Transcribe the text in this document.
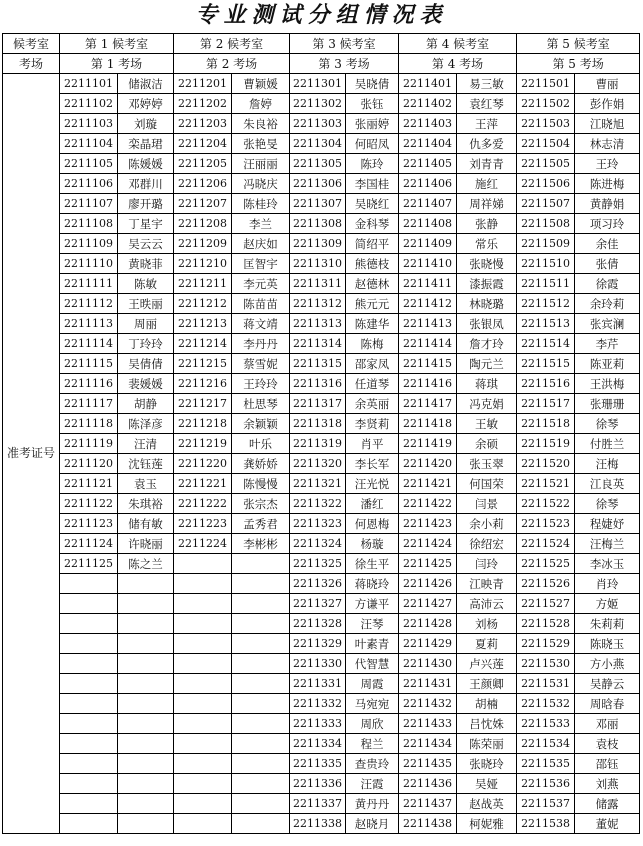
专业测试分组情况表
候考室	第 1 候考室		第 2 候考室		第 3 候考室		第 4 候考室		第 5 候考室	
考场	第 1 考场		第 2 考场		第 3 考场		第 4 考场		第 5 考场	
准考证号	2211101	储淑洁	2211201	曹颖媛	2211301	吴晓倩	2211401	易三敏	2211501	曹丽
	2211102	邓婷婷	2211202	詹婷	2211302	张钰	2211402	袁红琴	2211502	彭作娟
	2211103	刘璇	2211203	朱良裕	2211303	张丽婷	2211403	王萍	2211503	江晓旭
	2211104	栾晶珺	2211204	张艳旻	2211304	何昭凤	2211404	仇多爱	2211504	林志清
	2211105	陈媛媛	2211205	汪丽丽	2211305	陈玲	2211405	刘青青	2211505	王玲
	2211106	邓群川	2211206	冯晓庆	2211306	李国桂	2211406	施红	2211506	陈进梅
	2211107	廖开璐	2211207	陈桂玲	2211307	吴晓红	2211407	周祥娣	2211507	黄静娟
	2211108	丁星宇	2211208	李兰	2211308	金科琴	2211408	张静	2211508	项习玲
	2211109	吴云云	2211209	赵庆如	2211309	简绍平	2211409	常乐	2211509	余佳
	2211110	黄晓菲	2211210	匡智宇	2211310	熊德枝	2211410	张晓慢	2211510	张倩
	2211111	陈敏	2211211	李元英	2211311	赵德林	2211411	漆振霞	2211511	徐霞
	2211112	王昳丽	2211212	陈苗苗	2211312	熊元元	2211412	林晓璐	2211512	余玲莉
	2211113	周丽	2211213	蒋文靖	2211313	陈建华	2211413	张银凤	2211513	张宾澜
	2211114	丁玲玲	2211214	李丹丹	2211314	陈梅	2211414	詹才玲	2211514	李芹
	2211115	吴倩倩	2211215	蔡雪妮	2211315	邵家凤	2211415	陶元兰	2211515	陈亚莉
	2211116	裴媛媛	2211216	王玲玲	2211316	任道琴	2211416	蒋琪	2211516	王洪梅
	2211117	胡静	2211217	杜思琴	2211317	余英丽	2211417	冯克娟	2211517	张珊珊
	2211118	陈泽彦	2211218	余颖颖	2211318	李贤莉	2211418	王敏	2211518	徐琴
	2211119	汪清	2211219	叶乐	2211319	肖平	2211419	余硕	2211519	付胜兰
	2211120	沈钰莲	2211220	龚娇娇	2211320	李长军	2211420	张玉翠	2211520	汪梅
	2211121	袁玉	2211221	陈慢慢	2211321	汪光悦	2211421	何国荣	2211521	江良英
	2211122	朱琪裕	2211222	张宗杰	2211322	潘红	2211422	闫景	2211522	徐琴
	2211123	储有敏	2211223	孟秀君	2211323	何恩梅	2211423	余小莉	2211523	程婕妤
	2211124	许晓丽	2211224	李彬彬	2211324	杨璇	2211424	徐绍宏	2211524	汪梅兰
	2211125	陈之兰			2211325	徐生平	2211425	闫玲	2211525	李冰玉
					2211326	蒋晓玲	2211426	江映青	2211526	肖玲
					2211327	方谦平	2211427	高沛云	2211527	方姬
					2211328	汪琴	2211428	刘杨	2211528	朱莉莉
					2211329	叶素青	2211429	夏莉	2211529	陈晓玉
					2211330	代智慧	2211430	卢兴莲	2211530	方小燕
					2211331	周霞	2211431	王颜卿	2211531	吴静云
					2211332	马宛宛	2211432	胡楠	2211532	周晗春
					2211333	周欣	2211433	吕忱姝	2211533	邓丽
					2211334	程兰	2211434	陈荣丽	2211534	袁枝
					2211335	查贵玲	2211435	张晓玲	2211535	邵钰
					2211336	汪霞	2211436	吴娅	2211536	刘燕
					2211337	黄丹丹	2211437	赵战英	2211537	储露
					2211338	赵晓月	2211438	柯妮雅	2211538	董妮
